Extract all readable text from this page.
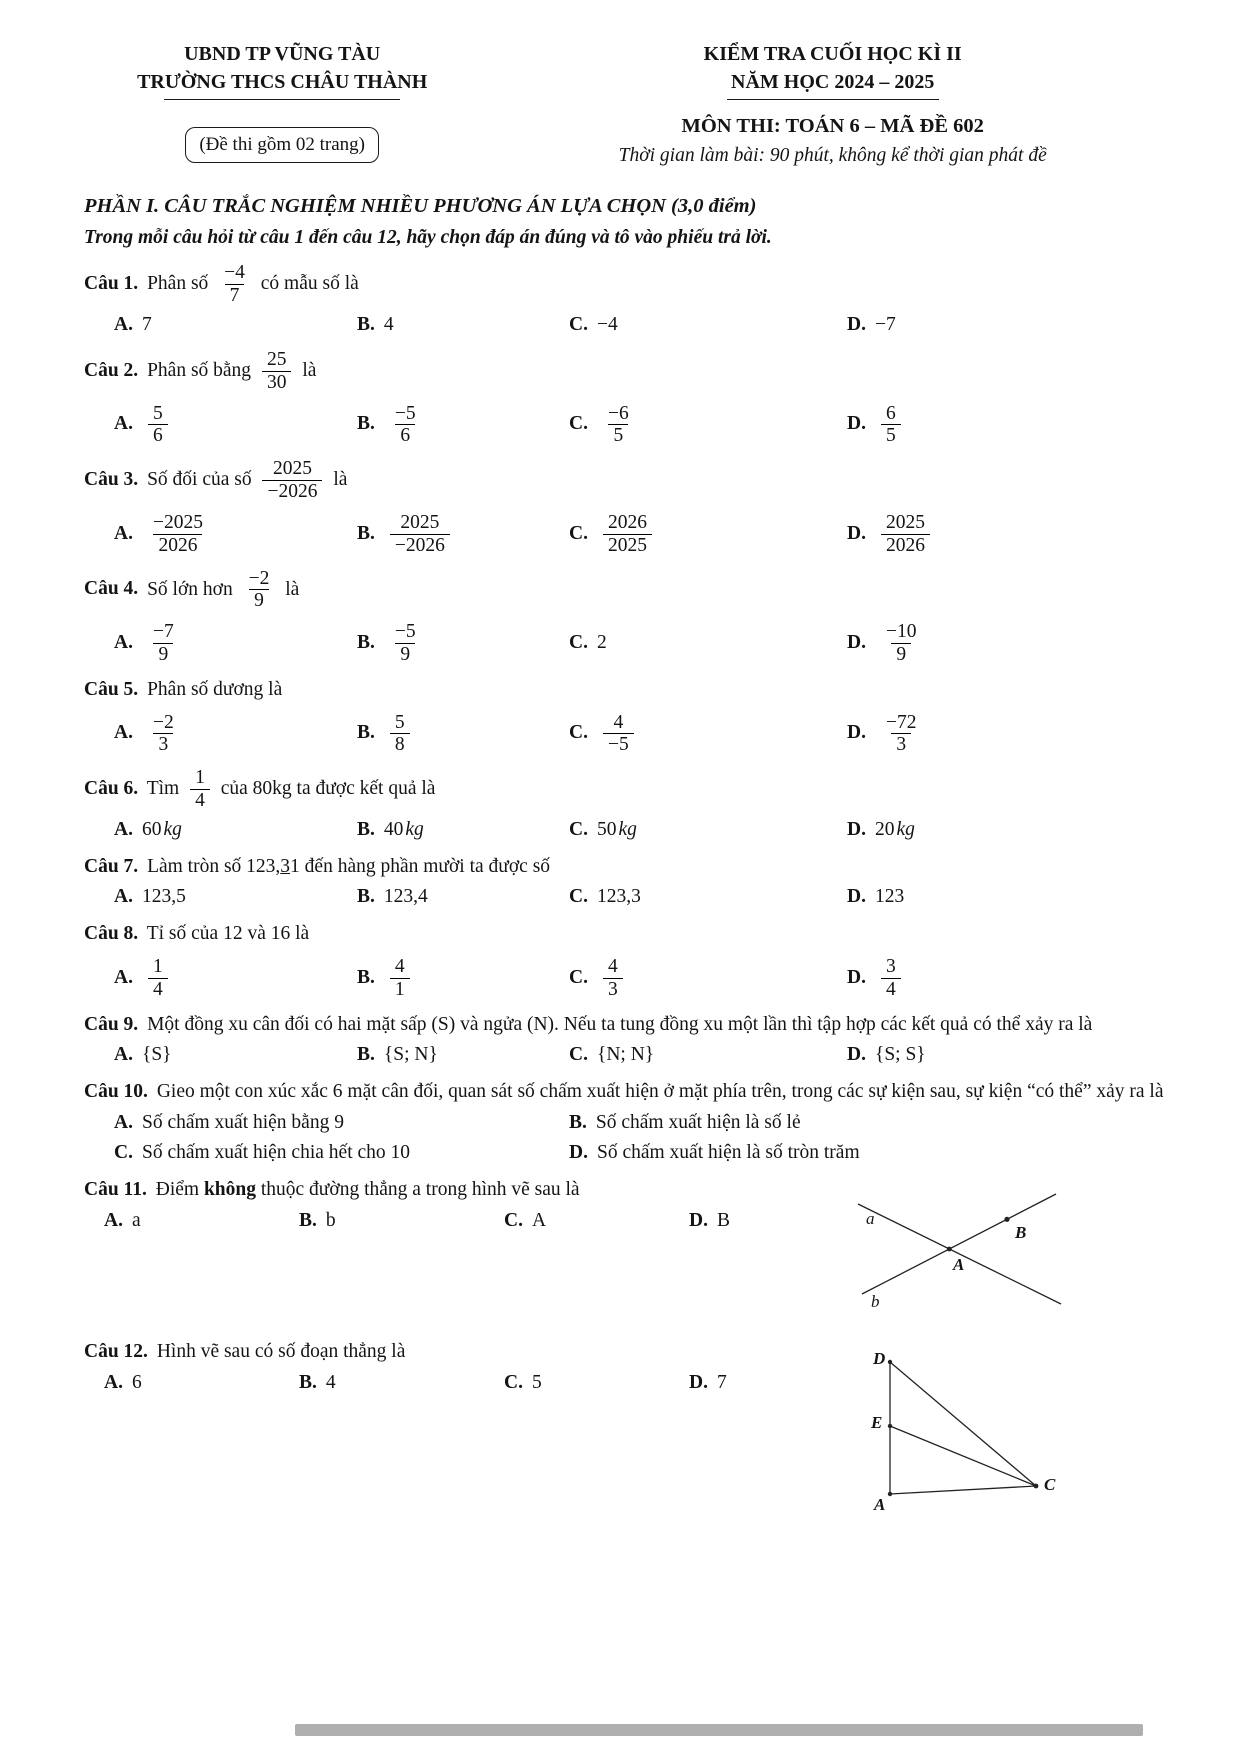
UBND TP VŨNG TÀU
TRƯỜNG THCS CHÂU THÀNH
(Đề thi gồm 02 trang)
KIỂM TRA CUỐI HỌC KÌ II
NĂM HỌC 2024 – 2025
MÔN THI: TOÁN 6 – MÃ ĐỀ 602
Thời gian làm bài: 90 phút, không kể thời gian phát đề
PHẦN I. CÂU TRẮC NGHIỆM NHIỀU PHƯƠNG ÁN LỰA CHỌN (3,0 điểm)
Trong mỗi câu hỏi từ câu 1 đến câu 12, hãy chọn đáp án đúng và tô vào phiếu trả lời.
Câu 1. Phân số $\frac{-4}{7}$ có mẫu số là
A. 7	B. 4	C. −4	D. −7
Câu 2. Phân số bằng $\frac{25}{30}$ là
A. $\frac{5}{6}$	B. $\frac{-5}{6}$	C. $\frac{-6}{5}$	D. $\frac{6}{5}$
Câu 3. Số đối của số $\frac{2025}{-2026}$ là
A. $\frac{-2025}{2026}$	B. $\frac{2025}{-2026}$	C. $\frac{2026}{2025}$	D. $\frac{2025}{2026}$
Câu 4. Số lớn hơn $\frac{-2}{9}$ là
A. $\frac{-7}{9}$	B. $\frac{-5}{9}$	C. 2	D. $\frac{-10}{9}$
Câu 5. Phân số dương là
A. $\frac{-2}{3}$	B. $\frac{5}{8}$	C. $\frac{4}{-5}$	D. $\frac{-72}{3}$
Câu 6. Tìm $\frac{1}{4}$ của 80kg ta được kết quả là
A. 60 kg	B. 40 kg	C. 50 kg	D. 20 kg
Câu 7. Làm tròn số 123,31 đến hàng phần mười ta được số
A. 123,5	B. 123,4	C. 123,3	D. 123
Câu 8. Tỉ số của 12 và 16 là
A. $\frac{1}{4}$	B. $\frac{4}{1}$	C. $\frac{4}{3}$	D. $\frac{3}{4}$
Câu 9. Một đồng xu cân đối có hai mặt sấp (S) và ngửa (N). Nếu ta tung đồng xu một lần thì tập hợp các kết quả có thể xảy ra là
A. {S}	B. {S; N}	C. {N; N}	D. {S; S}
Câu 10. Gieo một con xúc xắc 6 mặt cân đối, quan sát số chấm xuất hiện ở mặt phía trên, trong các sự kiện sau, sự kiện “có thể” xảy ra là
A. Số chấm xuất hiện bằng 9	B. Số chấm xuất hiện là số lẻ
C. Số chấm xuất hiện chia hết cho 10	D. Số chấm xuất hiện là số tròn trăm
Câu 11. Điểm không thuộc đường thẳng a trong hình vẽ sau là
A. a	B. b	C. A	D. B	a
b
A
B
Câu 12. Hình vẽ sau có số đoạn thẳng là
A. 6	B. 4	C. 5	D. 7
D
E
A
C
